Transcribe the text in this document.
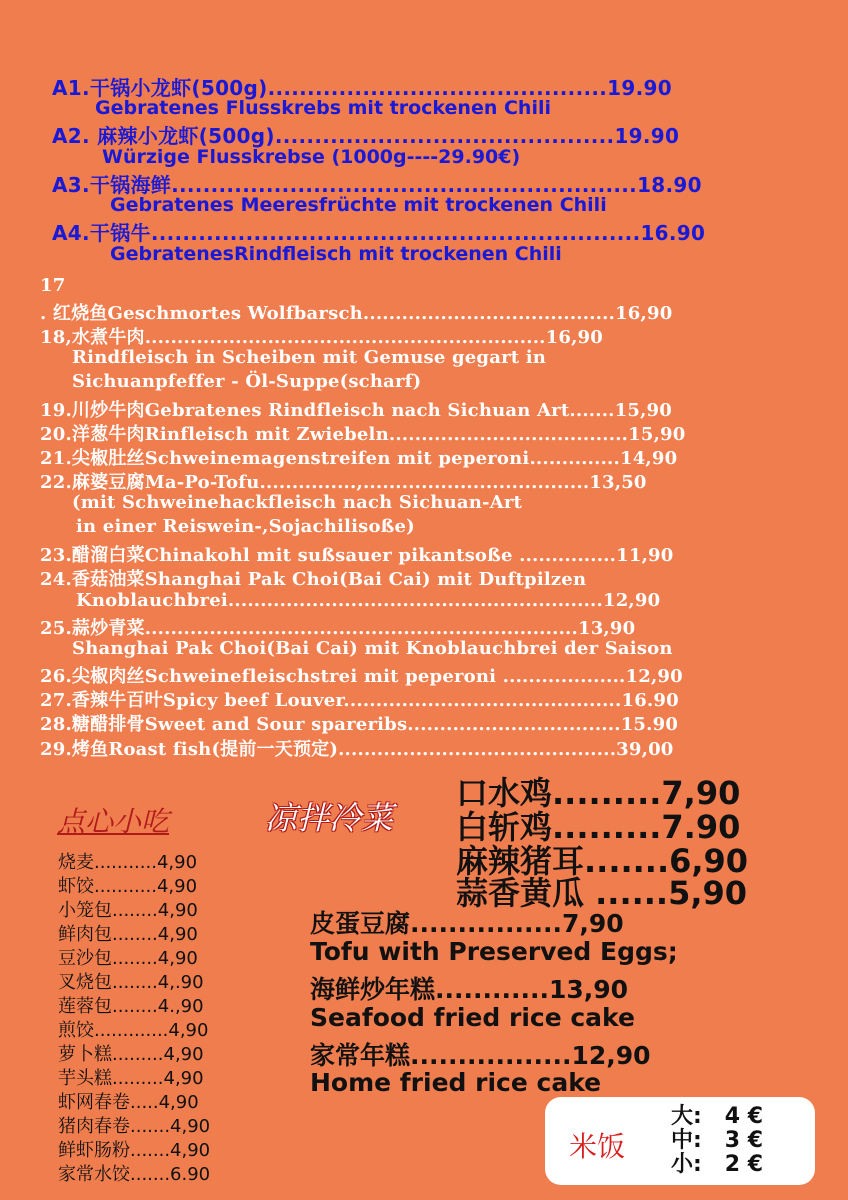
A1.干锅小龙虾(500g)...........................................19.90
Gebratenes Flusskrebs mit trockenen Chili
A2. 麻辣小龙虾(500g)...........................................19.90
Würzige Flusskrebse (1000g----29.90€)
A3.干锅海鲜...........................................................18.90
Gebratenes Meeresfrüchte mit trockenen Chili
A4.干锅牛..............................................................16.90
GebratenesRindfleisch mit trockenen Chili
17
. 红烧鱼Geschmortes Wolfbarsch.......................................16,90
18,水煮牛肉..............................................................16,90
Rindfleisch in Scheiben mit Gemuse gegart in
Sichuanpfeffer - Öl-Suppe(scharf)
19.川炒牛肉Gebratenes Rindfleisch nach Sichuan Art.......15,90
20.洋葱牛肉Rinfleisch mit Zwiebeln.....................................15,90
21.尖椒肚丝Schweinemagenstreifen mit peperoni..............14,90
22.麻婆豆腐Ma-Po-Tofu...............,...................................13,50
(mit Schweinehackfleisch nach Sichuan-Art
in einer Reiswein-,Sojachilisoße)
23.醋溜白菜Chinakohl mit sußsauer pikantsoße ...............11,90
24.香菇油菜Shanghai Pak Choi(Bai Cai) mit Duftpilzen
Knoblauchbrei..........................................................12,90
25.蒜炒青菜...................................................................13,90
Shanghai Pak Choi(Bai Cai) mit Knoblauchbrei der Saison
26.尖椒肉丝Schweinefleischstrei mit peperoni ...................12,90
27.香辣牛百叶Spicy beef Louver...........................................16.90
28.糖醋排骨Sweet and Sour spareribs.................................15.90
29.烤鱼Roast fish(提前一天预定)...........................................39,00
点心小吃
烧麦...........4,90
虾饺...........4,90
小笼包........4,90
鲜肉包........4,90
豆沙包........4,90
叉烧包........4,.90
莲蓉包........4.,90
煎饺.............4,90
萝卜糕.........4,90
芋头糕.........4,90
虾网春卷.....4,90
猪肉春卷.......4,90
鲜虾肠粉.......4,90
家常水饺.......6.90
凉拌冷菜
口水鸡.........7,90
白斩鸡.........7.90
麻辣猪耳.......6,90
蒜香黄瓜 ......5,90
皮蛋豆腐................7,90
Tofu with Preserved Eggs;
海鲜炒年糕............13,90
Seafood fried rice cake
家常年糕.................12,90
Home fried rice cake
米饭
大: 4 €
中: 3 €
小: 2 €
